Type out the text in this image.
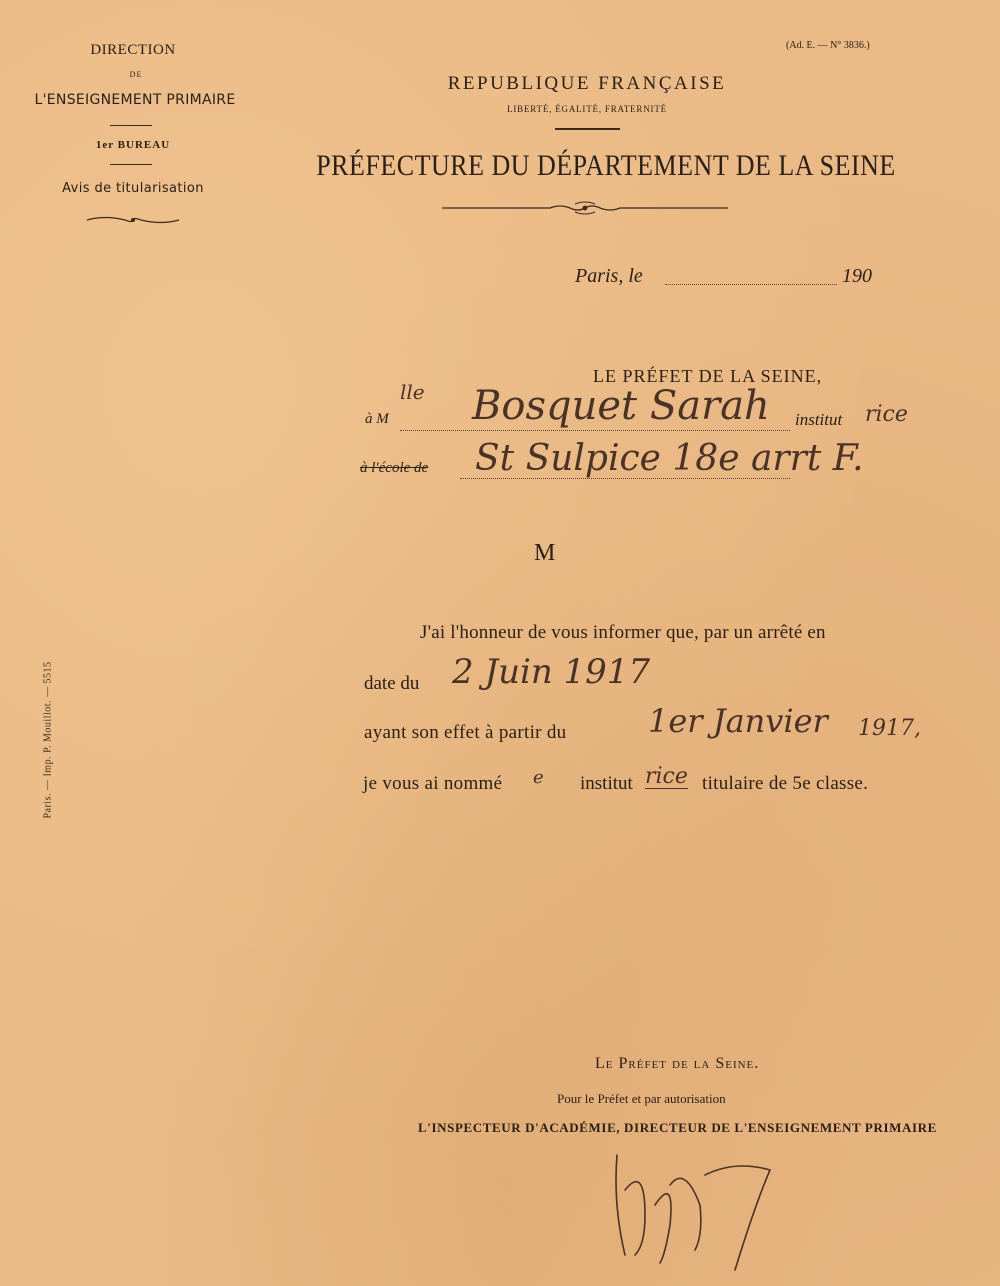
DIRECTION
DE
L'ENSEIGNEMENT PRIMAIRE
1er BUREAU
Avis de titularisation
(Ad. E. — N° 3836.)
REPUBLIQUE FRANÇAISE
LIBERTÉ, ÉGALITÉ, FRATERNITÉ
PRÉFECTURE DU DÉPARTEMENT DE LA SEINE
Paris, le	190
LE PRÉFET DE LA SEINE,
à M
lle Bosquet Sarah institut rice
à l'école de St Sulpice 18e arrt F.
M
J'ai l'honneur de vous informer que, par un arrêté en
date du 2 Juin 1917
ayant son effet à partir du	1er Janvier 1917,
je vous ai nommé e institut rice titulaire de 5e classe.
Le Préfet de la Seine.
Pour le Préfet et par autorisation
L'INSPECTEUR D'ACADÉMIE, DIRECTEUR DE L'ENSEIGNEMENT PRIMAIRE
Paris. — Imp. P. Mouillot. — 5515
